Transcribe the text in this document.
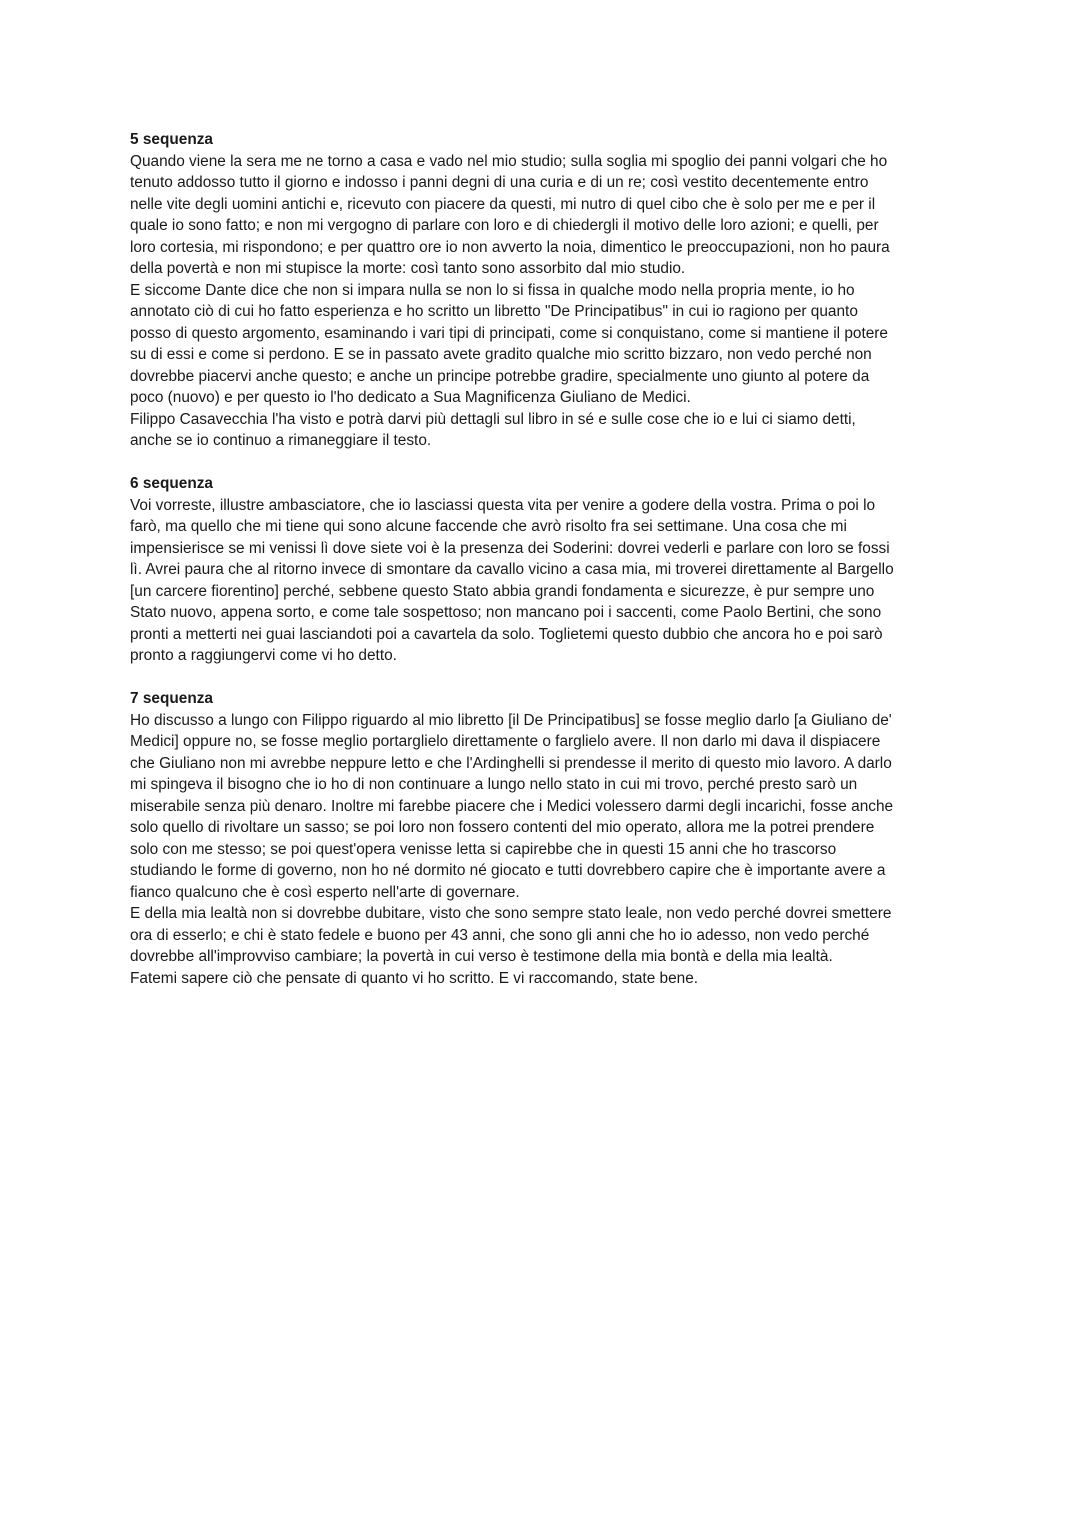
5 sequenza

Quando viene la sera me ne torno a casa e vado nel mio studio; sulla soglia mi spoglio dei panni volgari che ho
tenuto addosso tutto il giorno e indosso i panni degni di una curia e di un re; così vestito decentemente entro
nelle vite degli uomini antichi e, ricevuto con piacere da questi, mi nutro di quel cibo che è solo per me e per il
quale io sono fatto; e non mi vergogno di parlare con loro e di chiedergli il motivo delle loro azioni; e quelli, per
loro cortesia, mi rispondono; e per quattro ore io non avverto la noia, dimentico le preoccupazioni, non ho paura
della povertà e non mi stupisce la morte: così tanto sono assorbito dal mio studio.

E siccome Dante dice che non si impara nulla se non lo si fissa in qualche modo nella propria mente, io ho
annotato ciò di cui ho fatto esperienza e ho scritto un libretto "De Principatibus" in cui io ragiono per quanto
posso di questo argomento, esaminando i vari tipi di principati, come si conquistano, come si mantiene il potere
su di essi e come si perdono. E se in passato avete gradito qualche mio scritto bizzaro, non vedo perché non
dovrebbe piacervi anche questo; e anche un principe potrebbe gradire, specialmente uno giunto al potere da
poco (nuovo) e per questo io l'ho dedicato a Sua Magnificenza Giuliano de Medici.

Filippo Casavecchia l'ha visto e potrà darvi più dettagli sul libro in sé e sulle cose che io e lui ci siamo detti,
anche se io continuo a rimaneggiare il testo.

6 sequenza

Voi vorreste, illustre ambasciatore, che io lasciassi questa vita per venire a godere della vostra. Prima o poi lo
farò, ma quello che mi tiene qui sono alcune faccende che avrò risolto fra sei settimane. Una cosa che mi
impensierisce se mi venissi lì dove siete voi è la presenza dei Soderini: dovrei vederli e parlare con loro se fossi
lì. Avrei paura che al ritorno invece di smontare da cavallo vicino a casa mia, mi troverei direttamente al Bargello
[un carcere fiorentino] perché, sebbene questo Stato abbia grandi fondamenta e sicurezze, è pur sempre uno
Stato nuovo, appena sorto, e come tale sospettoso; non mancano poi i saccenti, come Paolo Bertini, che sono
pronti a metterti nei guai lasciandoti poi a cavartela da solo. Toglietemi questo dubbio che ancora ho e poi sarò
pronto a raggiungervi come vi ho detto.

7 sequenza

Ho discusso a lungo con Filippo riguardo al mio libretto [il De Principatibus] se fosse meglio darlo [a Giuliano de'
Medici] oppure no, se fosse meglio portarglielo direttamente o farglielo avere. Il non darlo mi dava il dispiacere
che Giuliano non mi avrebbe neppure letto e che l'Ardinghelli si prendesse il merito di questo mio lavoro. A darlo
mi spingeva il bisogno che io ho di non continuare a lungo nello stato in cui mi trovo, perché presto sarò un
miserabile senza più denaro. Inoltre mi farebbe piacere che i Medici volessero darmi degli incarichi, fosse anche
solo quello di rivoltare un sasso; se poi loro non fossero contenti del mio operato, allora me la potrei prendere
solo con me stesso; se poi quest'opera venisse letta si capirebbe che in questi 15 anni che ho trascorso
studiando le forme di governo, non ho né dormito né giocato e tutti dovrebbero capire che è importante avere a
fianco qualcuno che è così esperto nell'arte di governare.

E della mia lealtà non si dovrebbe dubitare, visto che sono sempre stato leale, non vedo perché dovrei smettere
ora di esserlo; e chi è stato fedele e buono per 43 anni, che sono gli anni che ho io adesso, non vedo perché
dovrebbe all'improvviso cambiare; la povertà in cui verso è testimone della mia bontà e della mia lealtà.

Fatemi sapere ciò che pensate di quanto vi ho scritto. E vi raccomando, state bene.
